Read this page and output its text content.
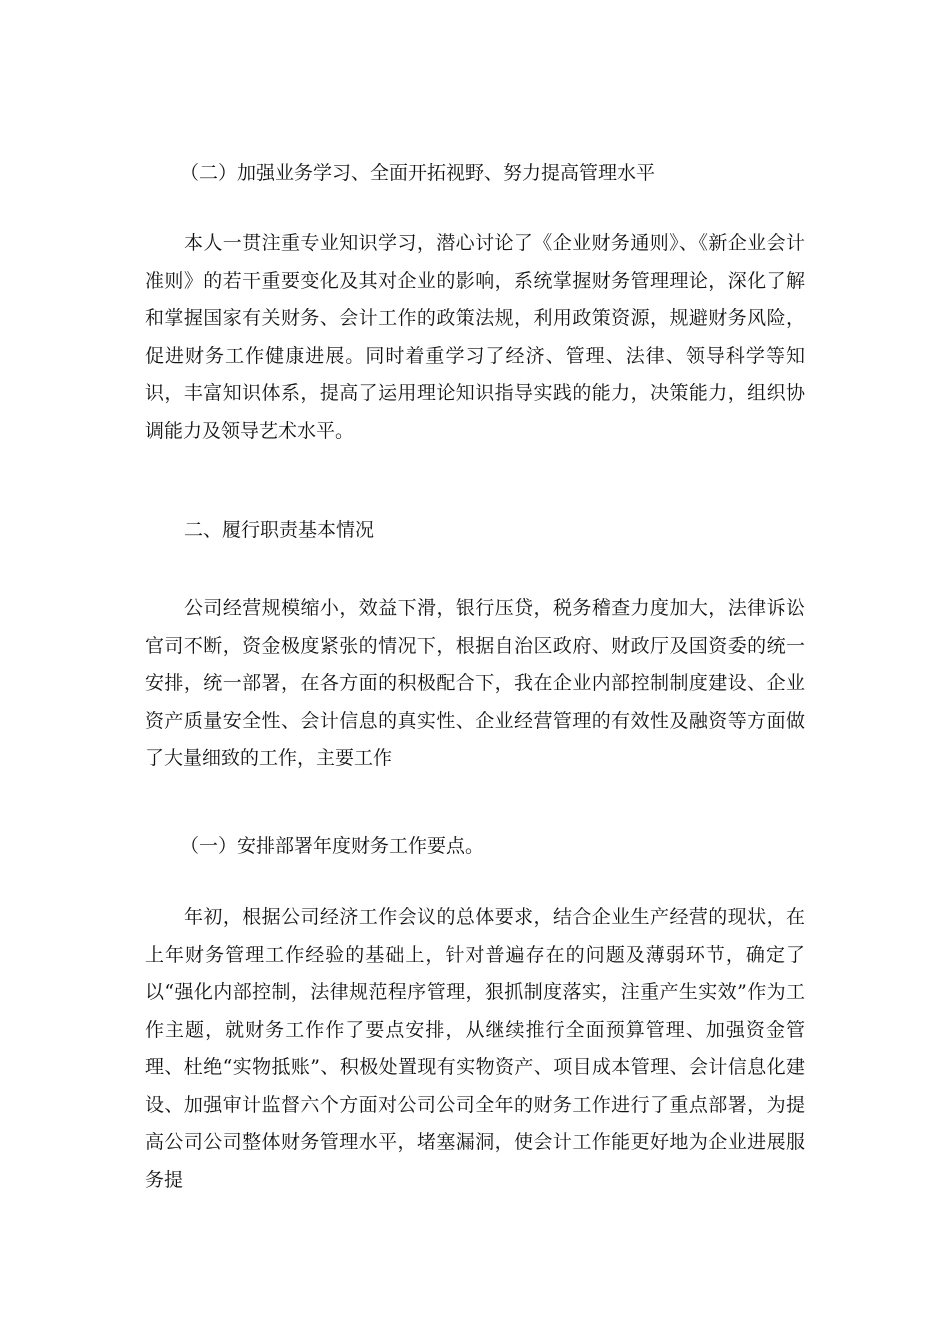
（二）加强业务学习、全面开拓视野、努力提高管理水平

本人一贯注重专业知识学习，潜心讨论了《企业财务通则》、《新企业会计准则》的若干重要变化及其对企业的影响，系统掌握财务管理理论，深化了解和掌握国家有关财务、会计工作的政策法规，利用政策资源，规避财务风险，促进财务工作健康进展。同时着重学习了经济、管理、法律、领导科学等知识，丰富知识体系，提高了运用理论知识指导实践的能力，决策能力，组织协调能力及领导艺术水平。

二、履行职责基本情况

公司经营规模缩小，效益下滑，银行压贷，税务稽查力度加大，法律诉讼官司不断，资金极度紧张的情况下，根据自治区政府、财政厅及国资委的统一安排，统一部署，在各方面的积极配合下，我在企业内部控制制度建设、企业资产质量安全性、会计信息的真实性、企业经营管理的有效性及融资等方面做了大量细致的工作，主要工作

（一）安排部署年度财务工作要点。

年初，根据公司经济工作会议的总体要求，结合企业生产经营的现状，在上年财务管理工作经验的基础上，针对普遍存在的问题及薄弱环节，确定了以“强化内部控制，法律规范程序管理，狠抓制度落实，注重产生实效”作为工作主题，就财务工作作了要点安排，从继续推行全面预算管理、加强资金管理、杜绝“实物抵账”、积极处置现有实物资产、项目成本管理、会计信息化建设、加强审计监督六个方面对公司公司全年的财务工作进行了重点部署，为提高公司公司整体财务管理水平，堵塞漏洞，使会计工作能更好地为企业进展服务提
